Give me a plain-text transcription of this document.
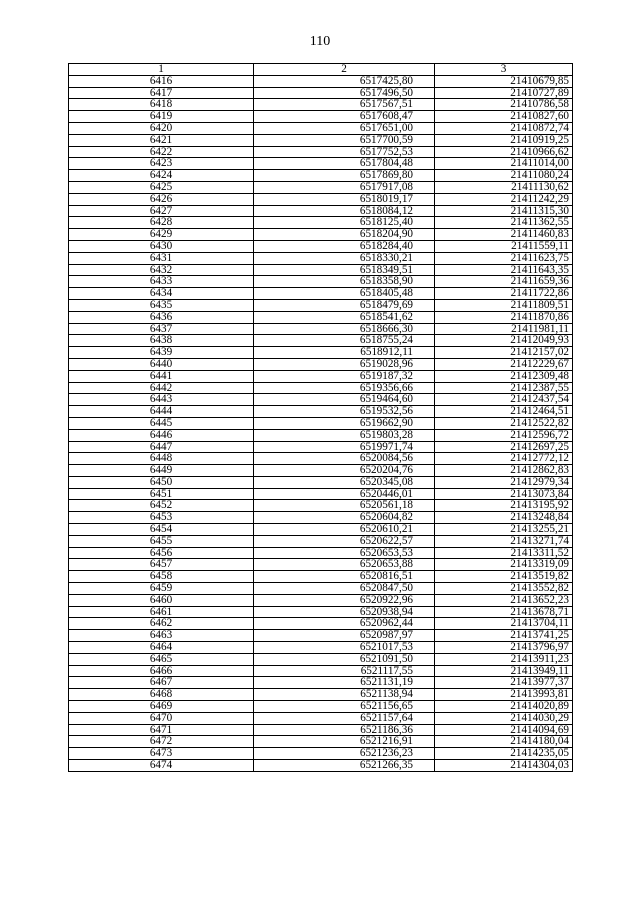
110
1	2	3
6416	6517425,80	21410679,85
6417	6517496,50	21410727,89
6418	6517567,51	21410786,58
6419	6517608,47	21410827,60
6420	6517651,00	21410872,74
6421	6517700,59	21410919,25
6422	6517752,53	21410966,62
6423	6517804,48	21411014,00
6424	6517869,80	21411080,24
6425	6517917,08	21411130,62
6426	6518019,17	21411242,29
6427	6518084,12	21411315,30
6428	6518125,40	21411362,55
6429	6518204,90	21411460,83
6430	6518284,40	21411559,11
6431	6518330,21	21411623,75
6432	6518349,51	21411643,35
6433	6518358,90	21411659,36
6434	6518405,48	21411722,86
6435	6518479,69	21411809,51
6436	6518541,62	21411870,86
6437	6518666,30	21411981,11
6438	6518755,24	21412049,93
6439	6518912,11	21412157,02
6440	6519028,96	21412229,67
6441	6519187,32	21412309,48
6442	6519356,66	21412387,55
6443	6519464,60	21412437,54
6444	6519532,56	21412464,51
6445	6519662,90	21412522,82
6446	6519803,28	21412596,72
6447	6519971,74	21412697,25
6448	6520084,56	21412772,12
6449	6520204,76	21412862,83
6450	6520345,08	21412979,34
6451	6520446,01	21413073,84
6452	6520561,18	21413195,92
6453	6520604,82	21413248,84
6454	6520610,21	21413255,21
6455	6520622,57	21413271,74
6456	6520653,53	21413311,52
6457	6520653,88	21413319,09
6458	6520816,51	21413519,82
6459	6520847,50	21413552,82
6460	6520922,96	21413652,23
6461	6520938,94	21413678,71
6462	6520962,44	21413704,11
6463	6520987,97	21413741,25
6464	6521017,53	21413796,97
6465	6521091,50	21413911,23
6466	6521117,55	21413949,11
6467	6521131,19	21413977,37
6468	6521138,94	21413993,81
6469	6521156,65	21414020,89
6470	6521157,64	21414030,29
6471	6521186,36	21414094,69
6472	6521216,91	21414180,04
6473	6521236,23	21414235,05
6474	6521266,35	21414304,03
